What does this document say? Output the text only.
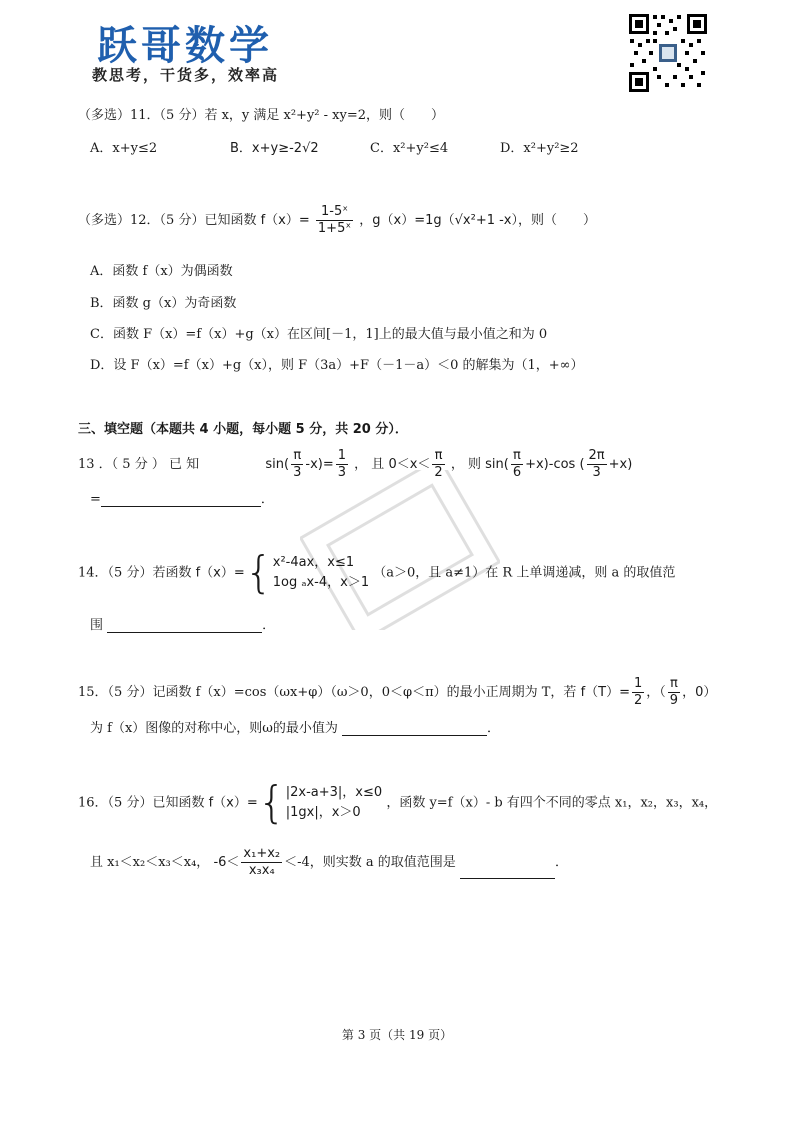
跃哥数学
教思考，干货多，效率高
（多选）11．（5 分）若 x，y 满足 x²+y² - xy=2，则（　　）
A．x+y≤2	B．x+y≥-2√2	C．x²+y²≤4	D．x²+y²≥2
（多选）12．（5 分）已知函数 $f(x)= \frac{\text{1-5ˣ}}{\text{1+5ˣ}}$ ，g（x）=1g（√x²+1 -x），则（　　）
A．函数 f（x）为偶函数
B．函数 g（x）为奇函数
C．函数 F（x）=f（x）+g（x）在区间[－1，1]上的最大值与最小值之和为 0
D．设 F（x）=f（x）+g（x），则 F（3a）+F（－1－a）＜0 的解集为（1，+∞）
三、填空题（本题共 4 小题，每小题 5 分，共 20 分）．
13 ．（ 5 分 ） 已 知	$\sin( \frac{\pi}{3} -x)= \frac{1}{3}$ ， 且 $0<x< \frac{\pi}{2}$ ， 则 $\sin( \frac{\pi}{6} +x)-\cos$ ( $\frac{2\pi}{3} +x$)
=	．
14．（5 分）若函数 f（x）={ x²-4ax，x≤1
1og ₐx-4，x＞1
（a＞0，且 a≠1）在 R 上单调递减，则 a 的取值范
围	．
15．（5 分）记函数 f（x）=cos（ωx+φ）（ω＞0，0＜φ＜π）的最小正周期为 T，若 $f(T)= \frac{1}{2}$ ，（ $\frac{\pi}{9}$ ，0）
为 f（x）图像的对称中心，则ω的最小值为	．
16．（5 分）已知函数 f（x）={ |2x-a+3|，x≤0
|1gx|，x＞0
，函数 y=f（x）- b 有四个不同的零点 x₁，x₂，x₃，x₄，
且 x₁＜x₂＜x₃＜x₄， $-6< \frac{\text{x₁+x₂}}{\text{x₃x₄}} <-4$，则实数 a 的取值范围是	．
第 3 页（共 19 页）
